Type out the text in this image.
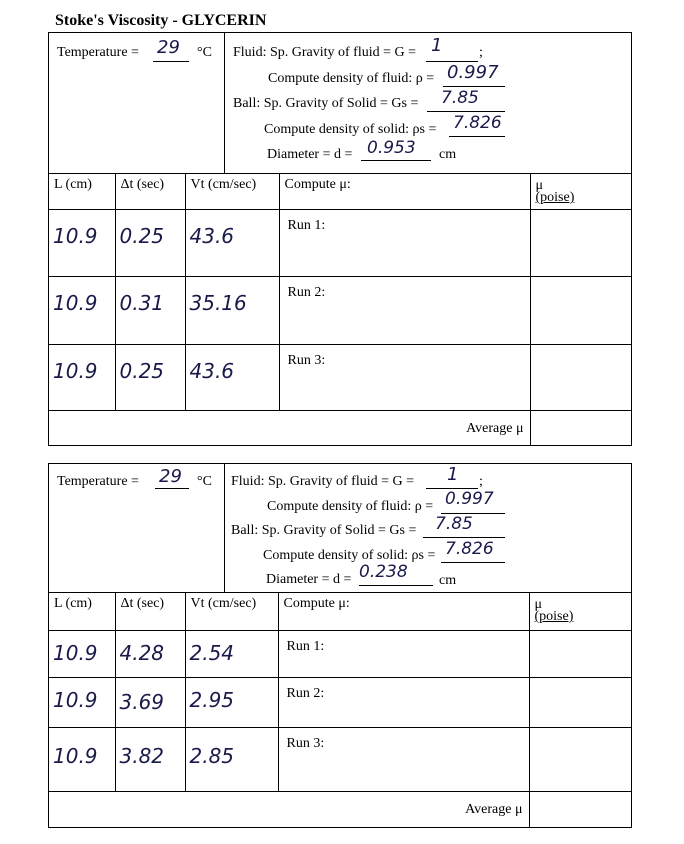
Stoke's Viscosity - GLYCERIN
Temperature = 29 °C Fluid: Sp. Gravity of fluid = G = 1	;
Compute density of fluid: ρ = 0.997
Ball: Sp. Gravity of Solid = Gs = 7.85
Compute density of solid: ρs = 7.826
Diameter = d = 0.953 cm
L (cm)	Δt (sec)	Vt (cm/sec)	Compute μ:	μ
(poise)

10.9	0.25	43.6	Run 1:	

10.9	0.31	35.16	Run 2:	

10.9	0.25	43.6	Run 3:	

Average μ				
Temperature = 29 °C Fluid: Sp. Gravity of fluid = G = 1 ;
Compute density of fluid: ρ = 0.997
Ball: Sp. Gravity of Solid = Gs = 7.85
Compute density of solid: ρs = 7.826
Diameter = d = 0.238 cm
L (cm)	Δt (sec)	Vt (cm/sec)	Compute μ:	μ
(poise)

10.9	4.28	2.54	Run 1:	

10.9	3.69	2.95	Run 2:	

10.9	3.82	2.85	Run 3:	

Average μ				
